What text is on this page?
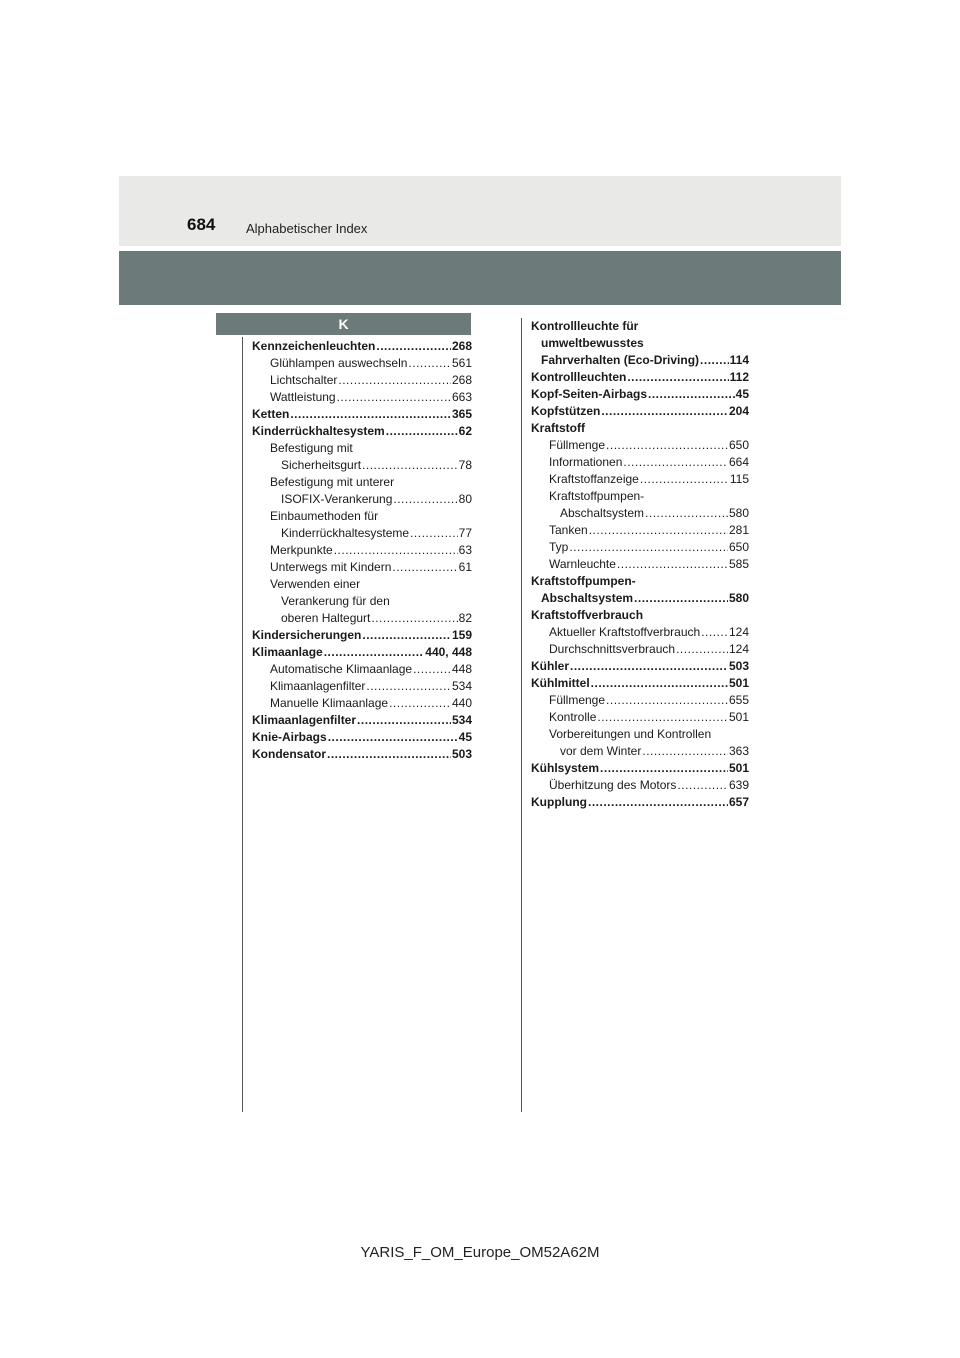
684 Alphabetischer Index
K
Kennzeichenleuchten .....	268
Glühlampen auswechseln .....	561
Lichtschalter .....	268
Wattleistung .....	663
Ketten .....	365
Kinderrückhaltesystem .....	62
Befestigung mit
Sicherheitsgurt .....	78
Befestigung mit unterer
ISOFIX-Verankerung .....	80
Einbaumethoden für
Kinderrückhaltesysteme .....	77
Merkpunkte .....	63
Unterwegs mit Kindern .....	61
Verwenden einer
Verankerung für den
oberen Haltegurt .....	82
Kindersicherungen .....	159
Klimaanlage .....	440, 448
Automatische Klimaanlage .....	448
Klimaanlagenfilter .....	534
Manuelle Klimaanlage .....	440
Klimaanlagenfilter .....	534
Knie-Airbags .....	45
Kondensator .....	503
Kontrollleuchte für
umweltbewusstes
Fahrverhalten (Eco-Driving) .....	114
Kontrollleuchten .....	112
Kopf-Seiten-Airbags .....	45
Kopfstützen .....	204
Kraftstoff
Füllmenge .....	650
Informationen .....	664
Kraftstoffanzeige .....	115
Kraftstoffpumpen-
Abschaltsystem .....	580
Tanken .....	281
Typ .....	650
Warnleuchte .....	585
Kraftstoffpumpen-
Abschaltsystem .....	580
Kraftstoffverbrauch
Aktueller Kraftstoffverbrauch ..... 124
Durchschnittsverbrauch .....	124
Kühler .....	503
Kühlmittel .....	501
Füllmenge .....	655
Kontrolle .....	501
Vorbereitungen und Kontrollen
vor dem Winter .....	363
Kühlsystem .....	501
Überhitzung des Motors .....	639
Kupplung .....	657
YARIS_F_OM_Europe_OM52A62M
